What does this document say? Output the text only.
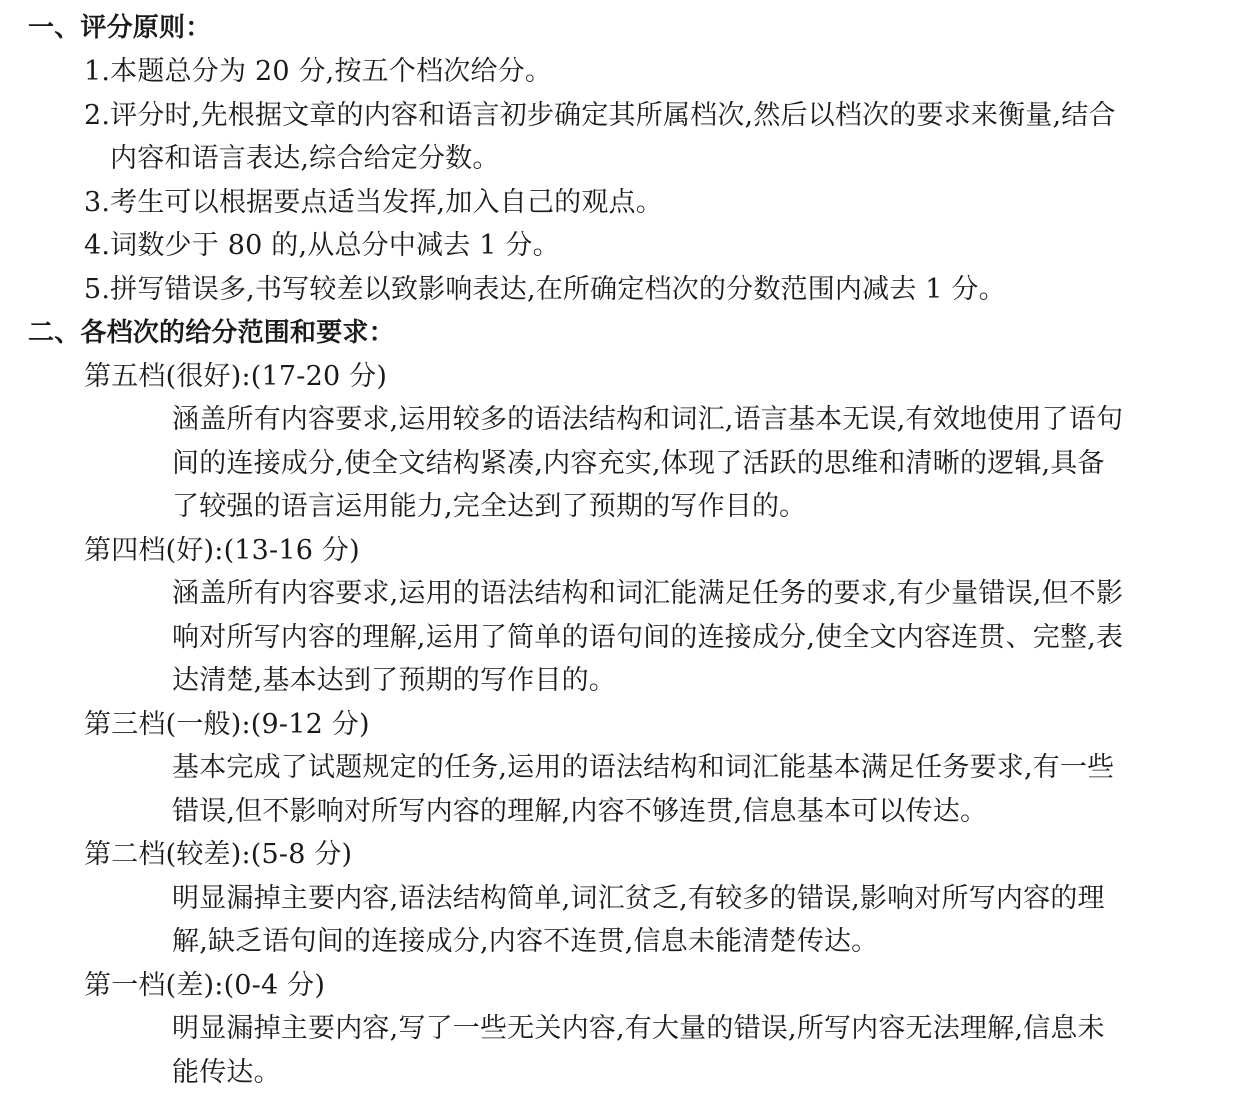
一、评分原则：
1.本题总分为 20 分,按五个档次给分。
2.评分时,先根据文章的内容和语言初步确定其所属档次,然后以档次的要求来衡量,结合
内容和语言表达,综合给定分数。
3.考生可以根据要点适当发挥,加入自己的观点。
4.词数少于 80 的,从总分中减去 1 分。
5.拼写错误多,书写较差以致影响表达,在所确定档次的分数范围内减去 1 分。
二、各档次的给分范围和要求：
第五档(很好):(17-20 分)
涵盖所有内容要求,运用较多的语法结构和词汇,语言基本无误,有效地使用了语句
间的连接成分,使全文结构紧凑,内容充实,体现了活跃的思维和清晰的逻辑,具备
了较强的语言运用能力,完全达到了预期的写作目的。
第四档(好):(13-16 分)
涵盖所有内容要求,运用的语法结构和词汇能满足任务的要求,有少量错误,但不影
响对所写内容的理解,运用了简单的语句间的连接成分,使全文内容连贯、完整,表
达清楚,基本达到了预期的写作目的。
第三档(一般):(9-12 分)
基本完成了试题规定的任务,运用的语法结构和词汇能基本满足任务要求,有一些
错误,但不影响对所写内容的理解,内容不够连贯,信息基本可以传达。
第二档(较差):(5-8 分)
明显漏掉主要内容,语法结构简单,词汇贫乏,有较多的错误,影响对所写内容的理
解,缺乏语句间的连接成分,内容不连贯,信息未能清楚传达。
第一档(差):(0-4 分)
明显漏掉主要内容,写了一些无关内容,有大量的错误,所写内容无法理解,信息未
能传达。
